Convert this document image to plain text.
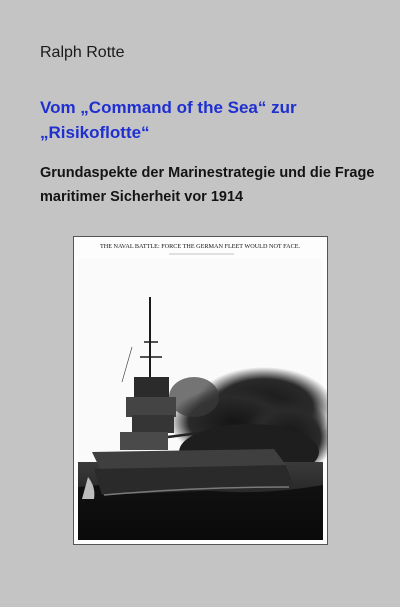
Ralph Rotte
Vom „Command of the Sea“ zur „Risikoflotte“
Grundaspekte der Marinestrategie und die Frage maritimer Sicherheit vor 1914
THE NAVAL BATTLE: FORCE THE GERMAN FLEET WOULD NOT FACE.
